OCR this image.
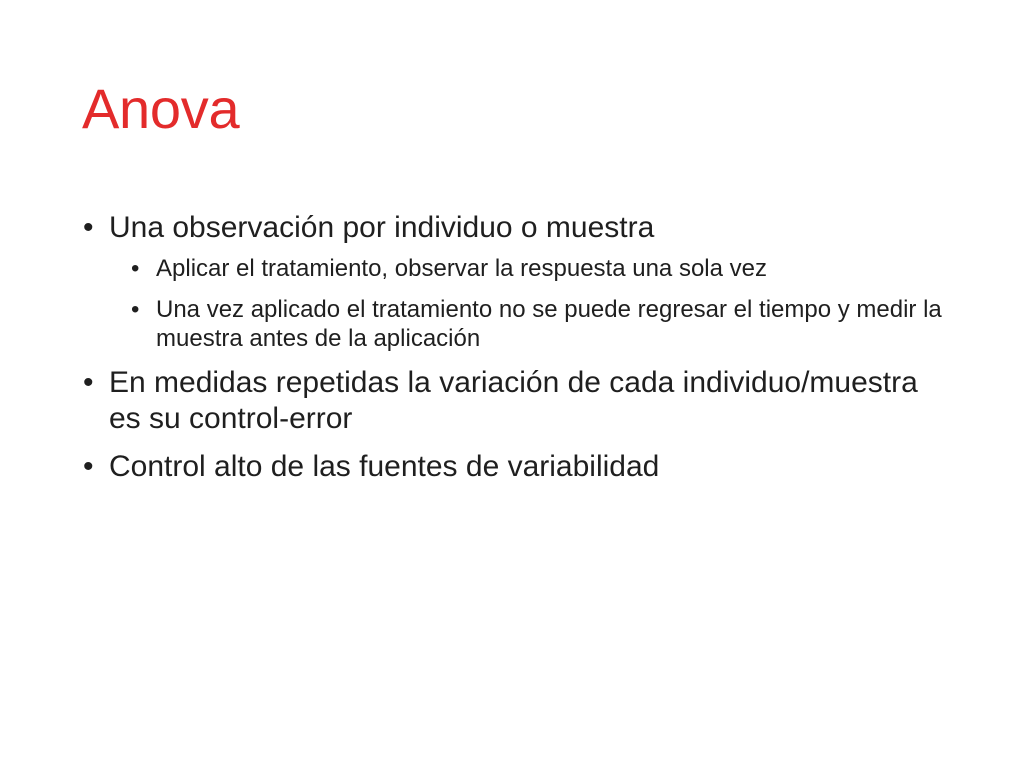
Anova
• Una observación por individuo o muestra
• Aplicar el tratamiento, observar la respuesta una sola vez
• Una vez aplicado el tratamiento no se puede regresar el tiempo y medir la muestra antes de la aplicación
• En medidas repetidas la variación de cada individuo/muestra es su control-error
• Control alto de las fuentes de variabilidad
